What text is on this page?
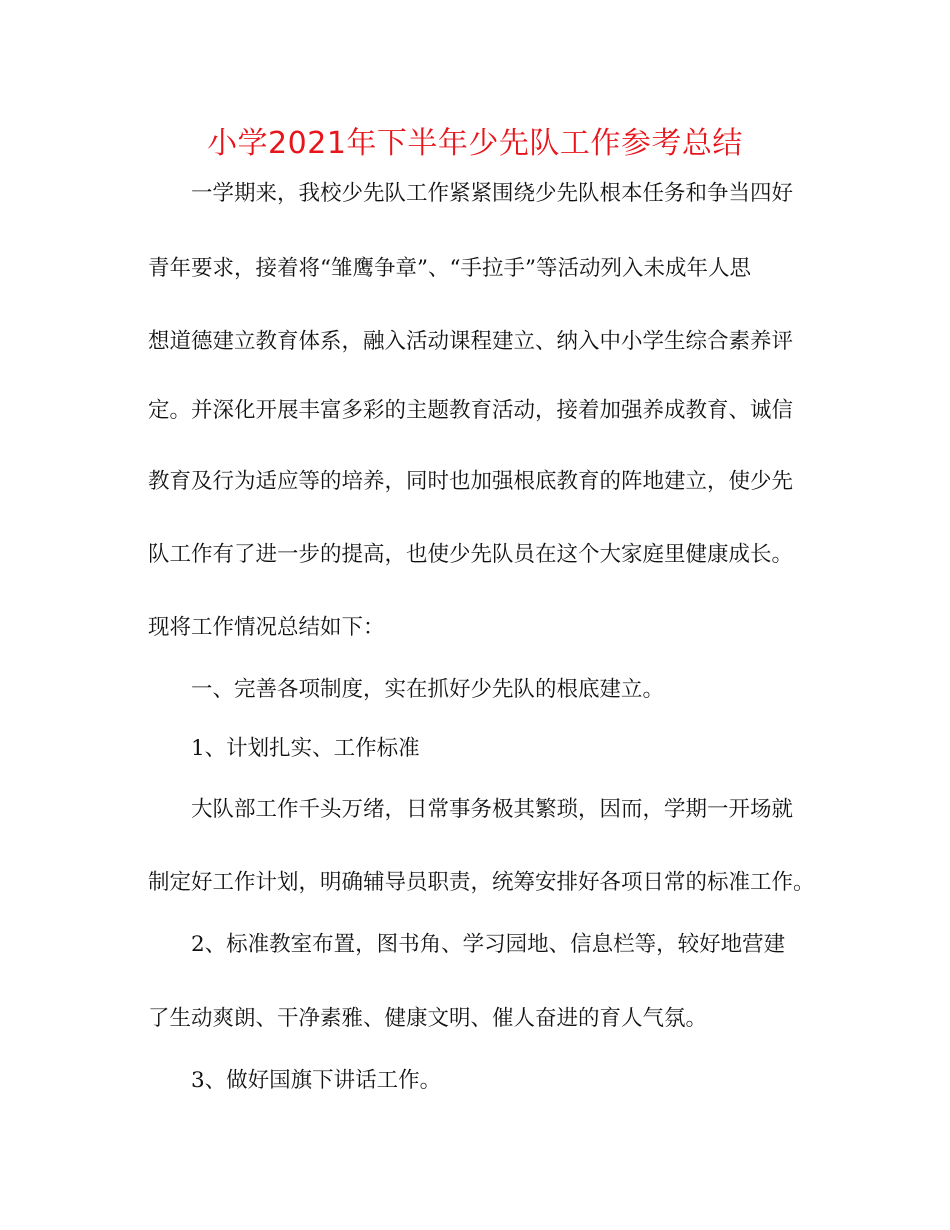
小学2021年下半年少先队工作参考总结
一学期来，我校少先队工作紧紧围绕少先队根本任务和争当四好
青年要求，接着将“雏鹰争章”、“手拉手”等活动列入未成年人思
想道德建立教育体系，融入活动课程建立、纳入中小学生综合素养评
定。并深化开展丰富多彩的主题教育活动，接着加强养成教育、诚信
教育及行为适应等的培养，同时也加强根底教育的阵地建立，使少先
队工作有了进一步的提高，也使少先队员在这个大家庭里健康成长。
现将工作情况总结如下：
一、完善各项制度，实在抓好少先队的根底建立。
1、计划扎实、工作标准
大队部工作千头万绪，日常事务极其繁琐，因而，学期一开场就
制定好工作计划，明确辅导员职责，统筹安排好各项日常的标准工作。
2、标准教室布置，图书角、学习园地、信息栏等，较好地营建
了生动爽朗、干净素雅、健康文明、催人奋进的育人气氛。
3、做好国旗下讲话工作。
